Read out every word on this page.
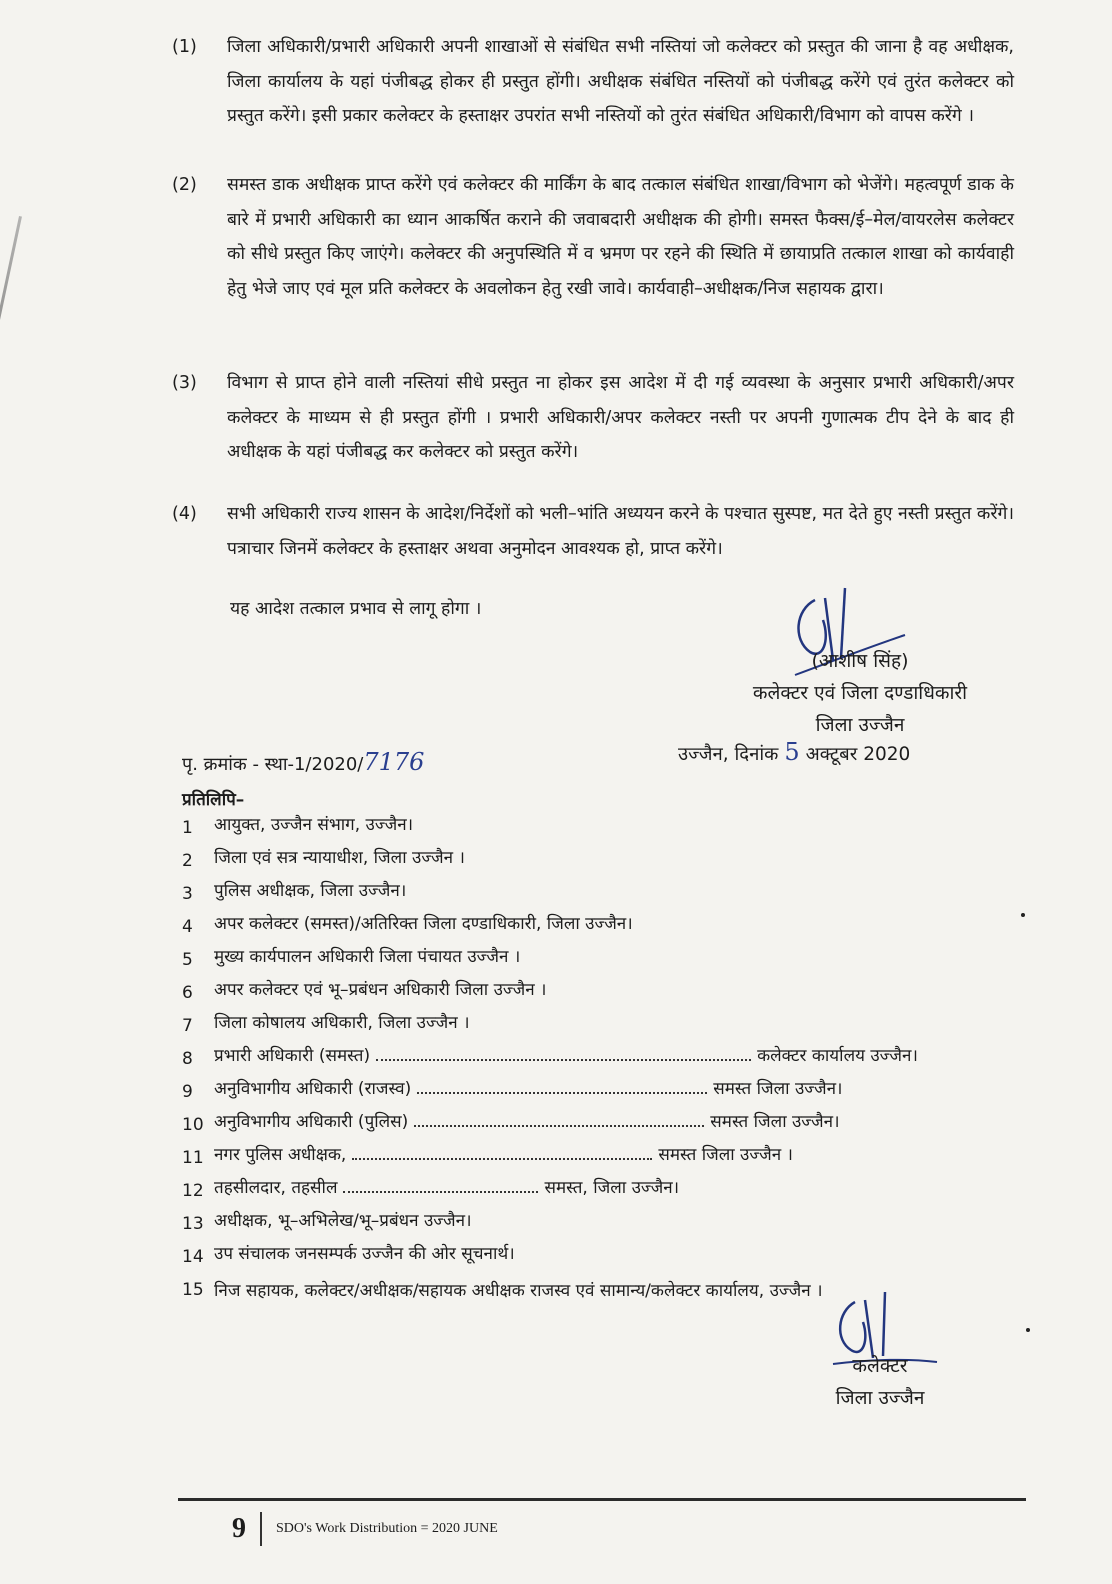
(1)	जिला अधिकारी/प्रभारी अधिकारी अपनी शाखाओं से संबंधित सभी नस्तियां जो कलेक्टर को प्रस्तुत की जाना है वह अधीक्षक, जिला कार्यालय के यहां पंजीबद्ध होकर ही प्रस्तुत होंगी। अधीक्षक संबंधित नस्तियों को पंजीबद्ध करेंगे एवं तुरंत कलेक्टर को प्रस्तुत करेंगे। इसी प्रकार कलेक्टर के हस्ताक्षर उपरांत सभी नस्तियों को तुरंत संबंधित अधिकारी/विभाग को वापस करेंगे ।
(2)	समस्त डाक अधीक्षक प्राप्त करेंगे एवं कलेक्टर की मार्किंग के बाद तत्काल संबंधित शाखा/विभाग को भेजेंगे। महत्वपूर्ण डाक के बारे में प्रभारी अधिकारी का ध्यान आकर्षित कराने की जवाबदारी अधीक्षक की होगी। समस्त फैक्स/ई–मेल/वायरलेस कलेक्टर को सीधे प्रस्तुत किए जाएंगे। कलेक्टर की अनुपस्थिति में व भ्रमण पर रहने की स्थिति में छायाप्रति तत्काल शाखा को कार्यवाही हेतु भेजे जाए एवं मूल प्रति कलेक्टर के अवलोकन हेतु रखी जावे। कार्यवाही–अधीक्षक/निज सहायक द्वारा।
(3)	विभाग से प्राप्त होने वाली नस्तियां सीधे प्रस्तुत ना होकर इस आदेश में दी गई व्यवस्था के अनुसार प्रभारी अधिकारी/अपर कलेक्टर के माध्यम से ही प्रस्तुत होंगी । प्रभारी अधिकारी/अपर कलेक्टर नस्ती पर अपनी गुणात्मक टीप देने के बाद ही अधीक्षक के यहां पंजीबद्ध कर कलेक्टर को प्रस्तुत करेंगे।
(4)	सभी अधिकारी राज्य शासन के आदेश/निर्देशों को भली–भांति अध्ययन करने के पश्चात सुस्पष्ट, मत देते हुए नस्ती प्रस्तुत करेंगे। पत्राचार जिनमें कलेक्टर के हस्ताक्षर अथवा अनुमोदन आवश्यक हो, प्राप्त करेंगे।
यह आदेश तत्काल प्रभाव से लागू होगा ।
(आशीष सिंह)
कलेक्टर एवं जिला दण्डाधिकारी
जिला उज्जैन
पृ. क्रमांक - स्था-1/2020/7176	उज्जैन, दिनांक 5 अक्टूबर 2020
प्रतिलिपि–
1	आयुक्त, उज्जैन संभाग, उज्जैन।
2	जिला एवं सत्र न्यायाधीश, जिला उज्जैन ।
3	पुलिस अधीक्षक, जिला उज्जैन।
4	अपर कलेक्टर (समस्त)/अतिरिक्त जिला दण्डाधिकारी, जिला उज्जैन।
5	मुख्य कार्यपालन अधिकारी जिला पंचायत उज्जैन ।
6	अपर कलेक्टर एवं भू–प्रबंधन अधिकारी जिला उज्जैन ।
7	जिला कोषालय अधिकारी, जिला उज्जैन ।
8	प्रभारी अधिकारी (समस्त)	कलेक्टर कार्यालय उज्जैन।
9	अनुविभागीय अधिकारी (राजस्व)	समस्त जिला उज्जैन।
10 अनुविभागीय अधिकारी (पुलिस)	समस्त जिला उज्जैन।
11 नगर पुलिस अधीक्षक,	समस्त जिला उज्जैन ।
12 तहसीलदार, तहसील	समस्त, जिला उज्जैन।
13 अधीक्षक, भू–अभिलेख/भू–प्रबंधन उज्जैन।
14 उप संचालक जनसम्पर्क उज्जैन की ओर सूचनार्थ।
15 निज सहायक, कलेक्टर/अधीक्षक/सहायक अधीक्षक राजस्व एवं सामान्य/कलेक्टर कार्यालय, उज्जैन ।
कलेक्टर
जिला उज्जैन
9 SDO's Work Distribution = 2020 JUNE
